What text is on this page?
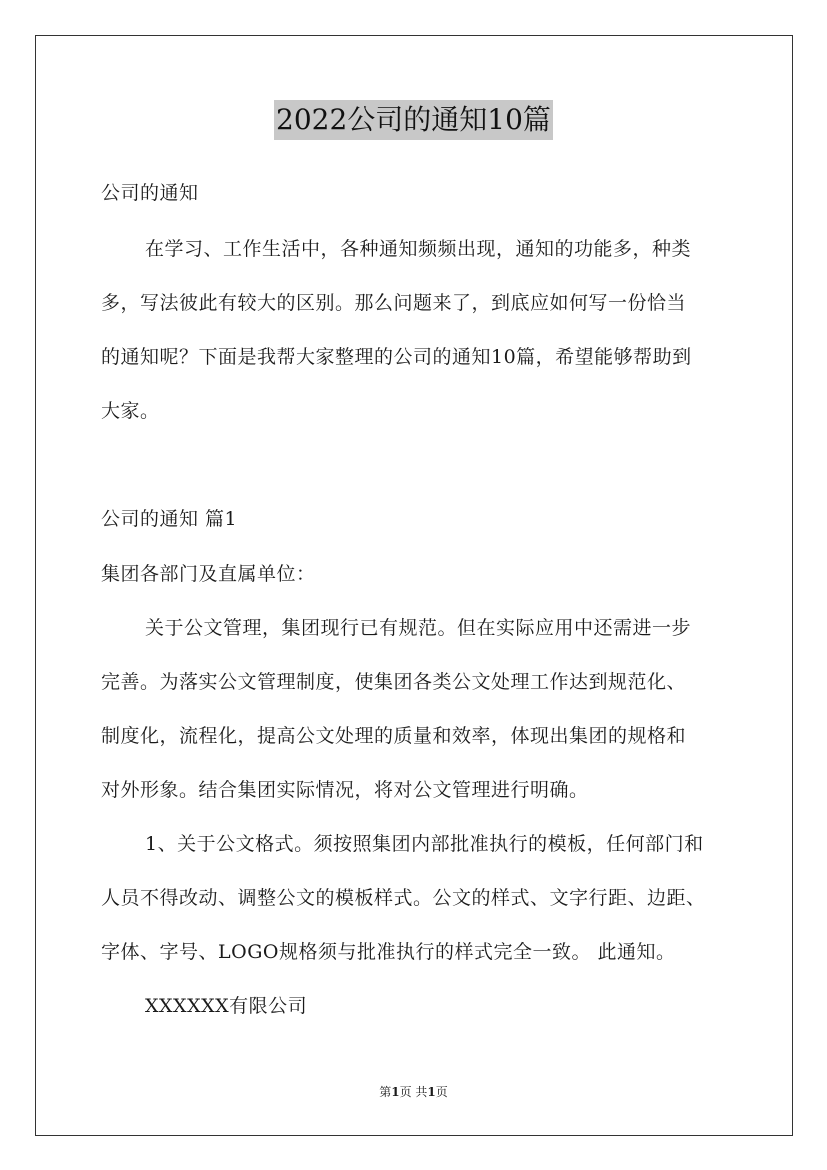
2022公司的通知10篇
公司的通知
在学习、工作生活中，各种通知频频出现，通知的功能多，种类
多，写法彼此有较大的区别。那么问题来了，到底应如何写一份恰当
的通知呢？下面是我帮大家整理的公司的通知10篇，希望能够帮助到
大家。
公司的通知 篇1
集团各部门及直属单位：
关于公文管理，集团现行已有规范。但在实际应用中还需进一步
完善。为落实公文管理制度，使集团各类公文处理工作达到规范化、
制度化，流程化，提高公文处理的质量和效率，体现出集团的规格和
对外形象。结合集团实际情况，将对公文管理进行明确。
1、关于公文格式。须按照集团内部批准执行的模板，任何部门和
人员不得改动、调整公文的模板样式。公文的样式、文字行距、边距、
字体、字号、LOGO规格须与批准执行的样式完全一致。 此通知。
XXXXXX有限公司
第1页 共1页
